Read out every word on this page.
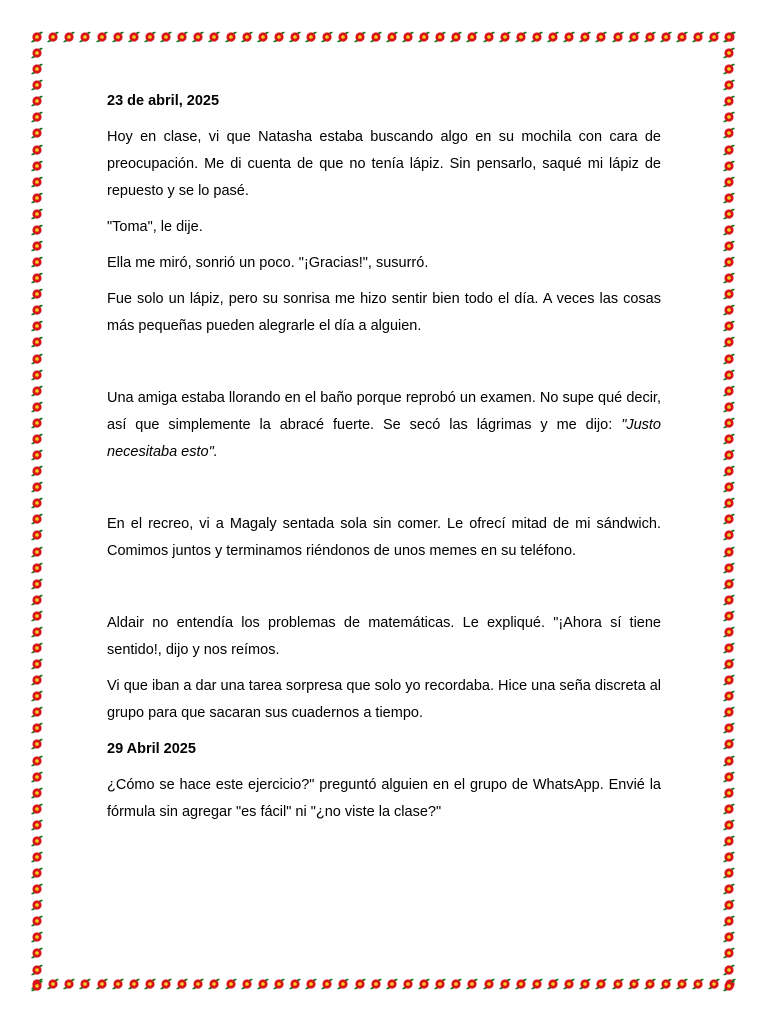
23 de abril, 2025

Hoy en clase, vi que Natasha estaba buscando algo en su mochila con cara de preocupación. Me di cuenta de que no tenía lápiz. Sin pensarlo, saqué mi lápiz de repuesto y se lo pasé.

"Toma", le dije.

Ella me miró, sonrió un poco. "¡Gracias!", susurró.

Fue solo un lápiz, pero su sonrisa me hizo sentir bien todo el día. A veces las cosas más pequeñas pueden alegrarle el día a alguien.

Una amiga estaba llorando en el baño porque reprobó un examen. No supe qué decir, así que simplemente la abracé fuerte. Se secó las lágrimas y me dijo: "Justo necesitaba esto".

En el recreo, vi a Magaly sentada sola sin comer. Le ofrecí mitad de mi sándwich. Comimos juntos y terminamos riéndonos de unos memes en su teléfono.

Aldair no entendía los problemas de matemáticas. Le expliqué. "¡Ahora sí tiene sentido!, dijo y nos reímos.

Vi que iban a dar una tarea sorpresa que solo yo recordaba. Hice una seña discreta al grupo para que sacaran sus cuadernos a tiempo.

29 Abril 2025

¿Cómo se hace este ejercicio?" preguntó alguien en el grupo de WhatsApp. Envié la fórmula sin agregar "es fácil" ni "¿no viste la clase?"
